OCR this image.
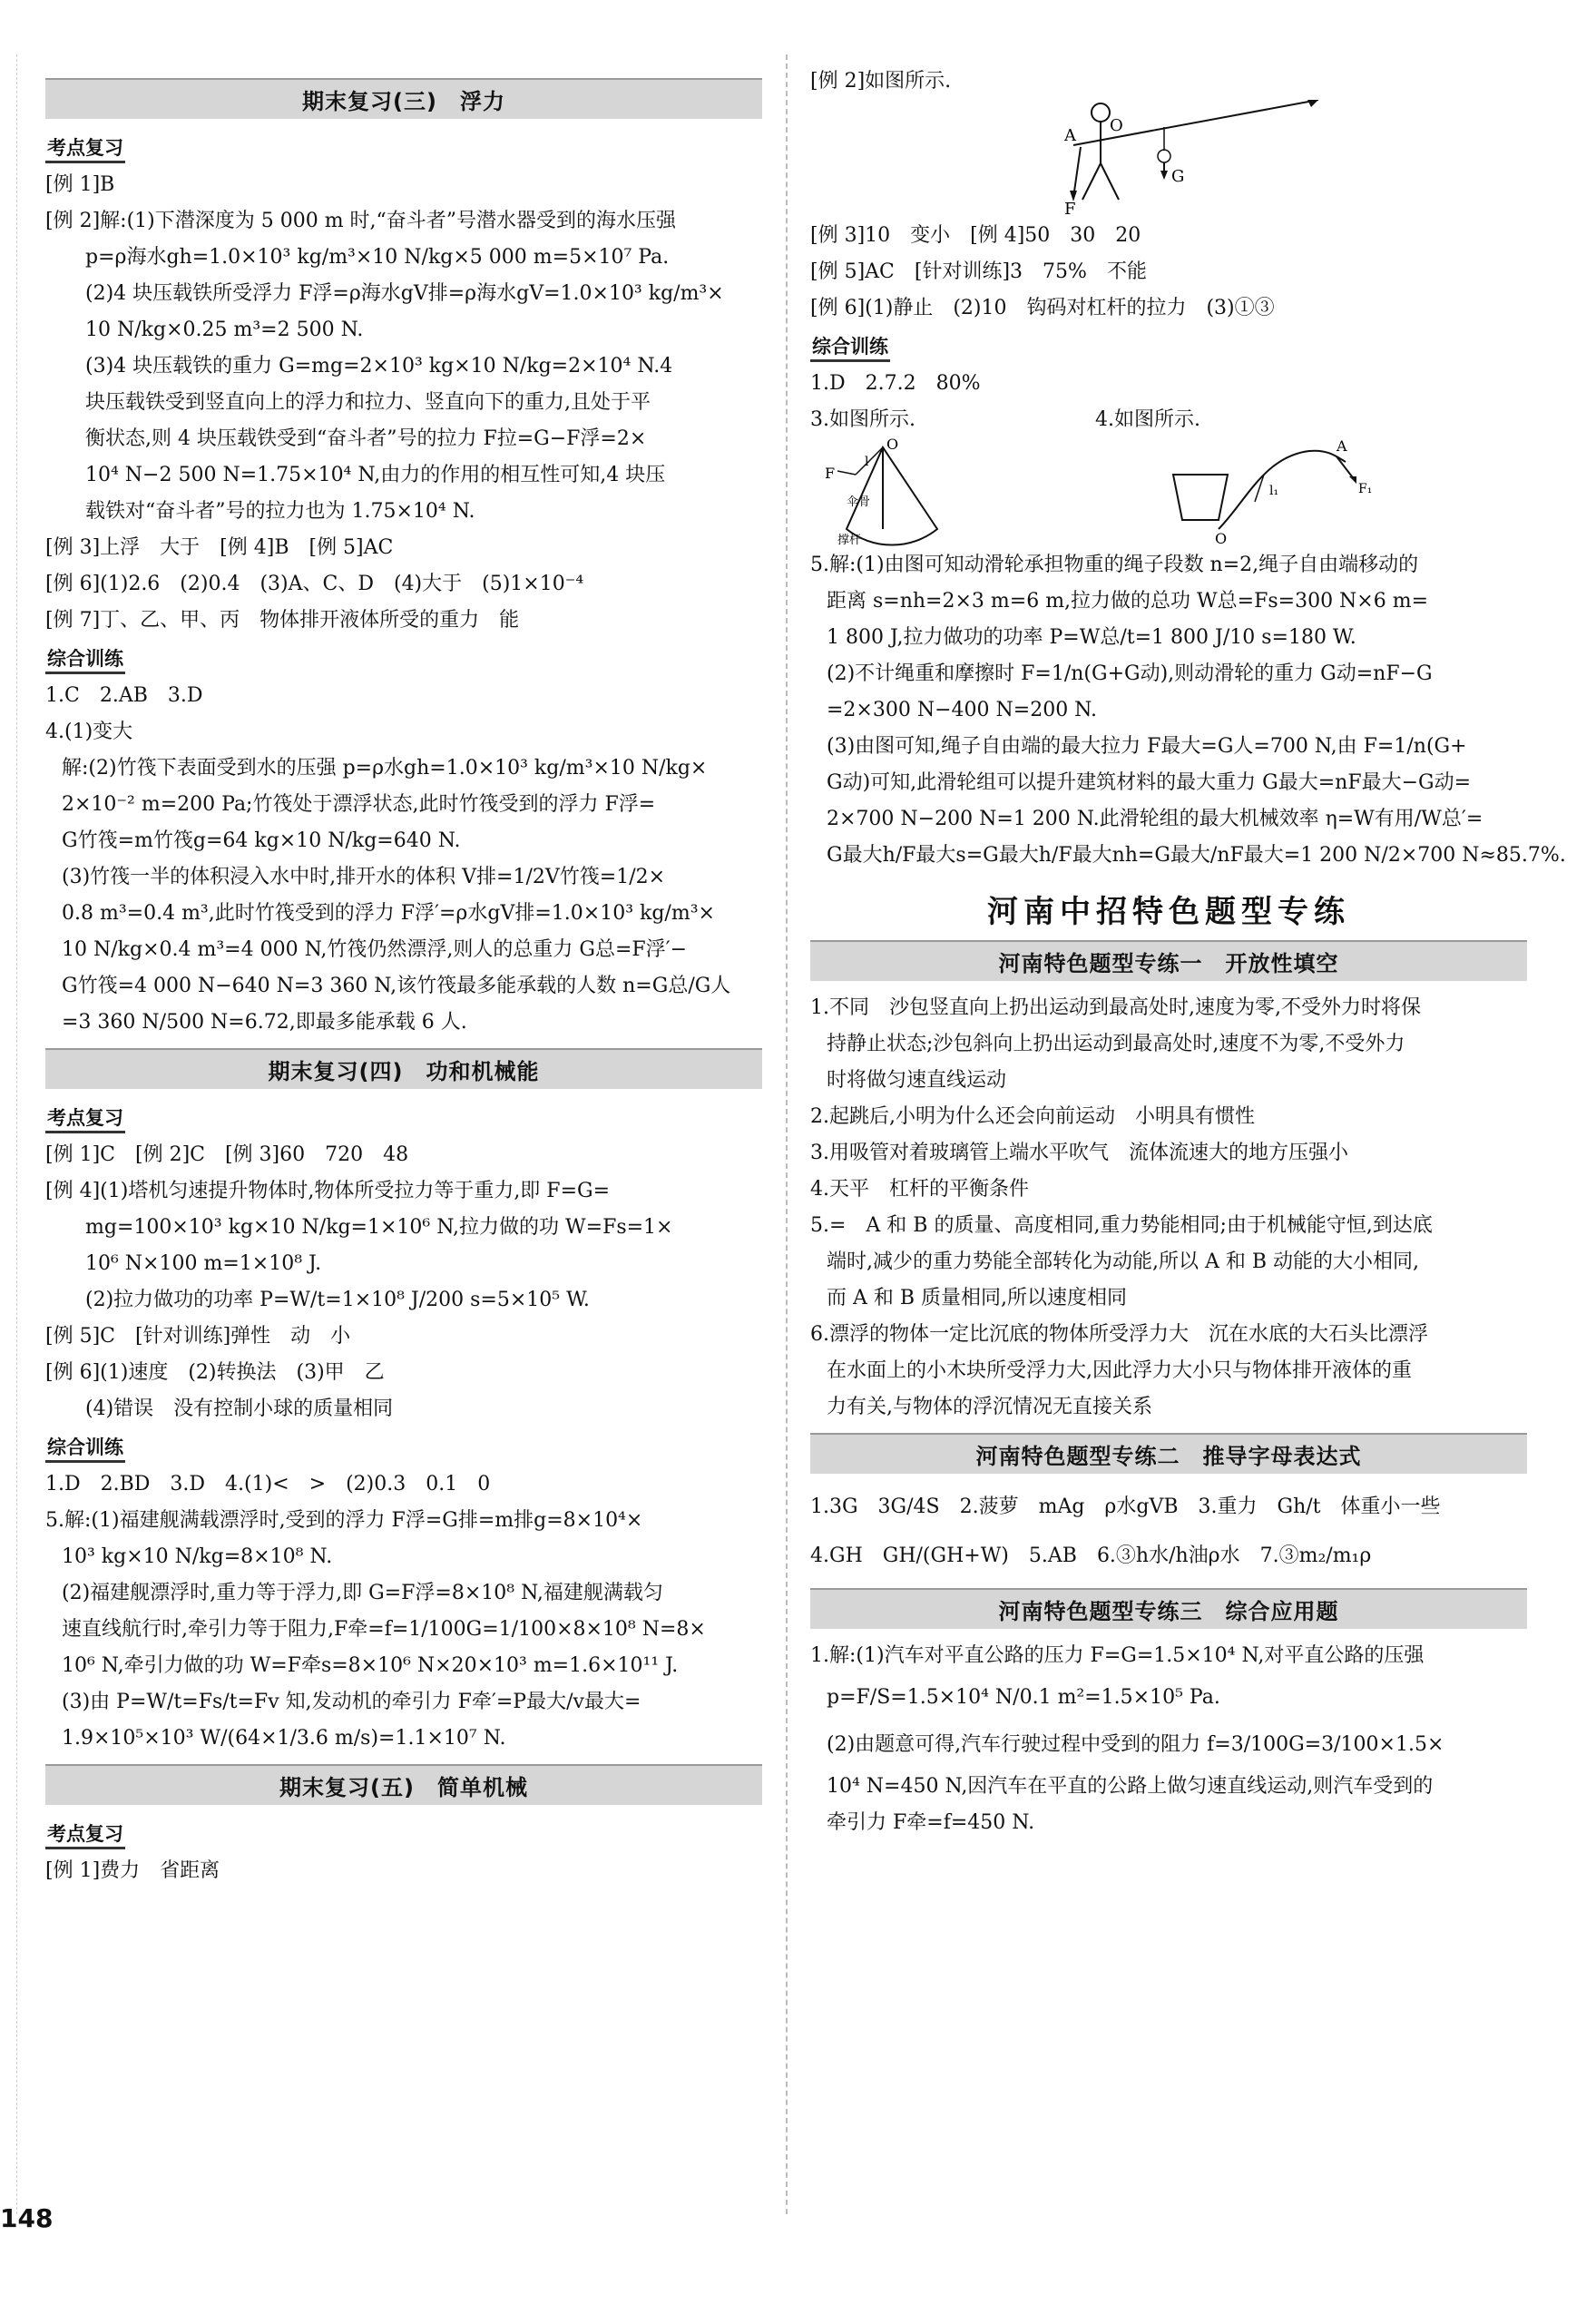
期末复习(三)　浮力
考点复习
[例 1]B
[例 2]解:(1)下潜深度为 5 000 m 时,“奋斗者”号潜水器受到的海水压强
p=ρ海水gh=1.0×10³ kg/m³×10 N/kg×5 000 m=5×10⁷ Pa.
(2)4 块压载铁所受浮力 F浮=ρ海水gV排=ρ海水gV=1.0×10³ kg/m³×
10 N/kg×0.25 m³=2 500 N.
(3)4 块压载铁的重力 G=mg=2×10³ kg×10 N/kg=2×10⁴ N.4
块压载铁受到竖直向上的浮力和拉力、竖直向下的重力,且处于平
衡状态,则 4 块压载铁受到“奋斗者”号的拉力 F拉=G−F浮=2×
10⁴ N−2 500 N=1.75×10⁴ N,由力的作用的相互性可知,4 块压
载铁对“奋斗者”号的拉力也为 1.75×10⁴ N.
[例 3]上浮　大于　[例 4]B　[例 5]AC
[例 6](1)2.6　(2)0.4　(3)A、C、D　(4)大于　(5)1×10⁻⁴
[例 7]丁、乙、甲、丙　物体排开液体所受的重力　能
综合训练
1.C　2.AB　3.D
4.(1)变大
解:(2)竹筏下表面受到水的压强 p=ρ水gh=1.0×10³ kg/m³×10 N/kg×
2×10⁻² m=200 Pa;竹筏处于漂浮状态,此时竹筏受到的浮力 F浮=
G竹筏=m竹筏g=64 kg×10 N/kg=640 N.
(3)竹筏一半的体积浸入水中时,排开水的体积 V排=1/2V竹筏=1/2×
0.8 m³=0.4 m³,此时竹筏受到的浮力 F浮′=ρ水gV排=1.0×10³ kg/m³×
10 N/kg×0.4 m³=4 000 N,竹筏仍然漂浮,则人的总重力 G总=F浮′−
G竹筏=4 000 N−640 N=3 360 N,该竹筏最多能承载的人数 n=G总/G人
=3 360 N/500 N=6.72,即最多能承载 6 人.
期末复习(四)　功和机械能
考点复习
[例 1]C　[例 2]C　[例 3]60　720　48
[例 4](1)塔机匀速提升物体时,物体所受拉力等于重力,即 F=G=
mg=100×10³ kg×10 N/kg=1×10⁶ N,拉力做的功 W=Fs=1×
10⁶ N×100 m=1×10⁸ J.
(2)拉力做功的功率 P=W/t=1×10⁸ J/200 s=5×10⁵ W.
[例 5]C　[针对训练]弹性　动　小
[例 6](1)速度　(2)转换法　(3)甲　乙
(4)错误　没有控制小球的质量相同
综合训练
1.D　2.BD　3.D　4.(1)<　>　(2)0.3　0.1　0
5.解:(1)福建舰满载漂浮时,受到的浮力 F浮=G排=m排g=8×10⁴×
10³ kg×10 N/kg=8×10⁸ N.
(2)福建舰漂浮时,重力等于浮力,即 G=F浮=8×10⁸ N,福建舰满载匀
速直线航行时,牵引力等于阻力,F牵=f=1/100G=1/100×8×10⁸ N=8×
10⁶ N,牵引力做的功 W=F牵s=8×10⁶ N×20×10³ m=1.6×10¹¹ J.
(3)由 P=W/t=Fs/t=Fv 知,发动机的牵引力 F牵′=P最大/v最大=
1.9×10⁵×10³ W/(64×1/3.6 m/s)=1.1×10⁷ N.
期末复习(五)　简单机械
考点复习
[例 1]费力　省距离
148
[例 2]如图所示.
A
O
F
G
[例 3]10　变小　[例 4]50　30　20
[例 5]AC　[针对训练]3　75%　不能
[例 6](1)静止　(2)10　钩码对杠杆的拉力　(3)①③
综合训练
1.D　2.7.2　80%
3.如图所示.　　　　　　　　　4.如图所示.
O
l
F
伞骨
撑杆
A
l₁	F₁
O
5.解:(1)由图可知动滑轮承担物重的绳子段数 n=2,绳子自由端移动的
距离 s=nh=2×3 m=6 m,拉力做的总功 W总=Fs=300 N×6 m=
1 800 J,拉力做功的功率 P=W总/t=1 800 J/10 s=180 W.
(2)不计绳重和摩擦时 F=1/n(G+G动),则动滑轮的重力 G动=nF−G
=2×300 N−400 N=200 N.
(3)由图可知,绳子自由端的最大拉力 F最大=G人=700 N,由 F=1/n(G+
G动)可知,此滑轮组可以提升建筑材料的最大重力 G最大=nF最大−G动=
2×700 N−200 N=1 200 N.此滑轮组的最大机械效率 η=W有用/W总′=
G最大h/F最大s=G最大h/F最大nh=G最大/nF最大=1 200 N/2×700 N≈85.7%.
河南中招特色题型专练
河南特色题型专练一　开放性填空
1.不同　沙包竖直向上扔出运动到最高处时,速度为零,不受外力时将保
持静止状态;沙包斜向上扔出运动到最高处时,速度不为零,不受外力
时将做匀速直线运动
2.起跳后,小明为什么还会向前运动　小明具有惯性
3.用吸管对着玻璃管上端水平吹气　流体流速大的地方压强小
4.天平　杠杆的平衡条件
5.=　A 和 B 的质量、高度相同,重力势能相同;由于机械能守恒,到达底
端时,减少的重力势能全部转化为动能,所以 A 和 B 动能的大小相同,
而 A 和 B 质量相同,所以速度相同
6.漂浮的物体一定比沉底的物体所受浮力大　沉在水底的大石头比漂浮
在水面上的小木块所受浮力大,因此浮力大小只与物体排开液体的重
力有关,与物体的浮沉情况无直接关系
河南特色题型专练二　推导字母表达式
1.3G　3G/4S　2.菠萝　mAg　ρ水gVB　3.重力　Gh/t　体重小一些
4.GH　GH/(GH+W)　5.AB　6.③h水/h油ρ水　7.③m₂/m₁ρ
河南特色题型专练三　综合应用题
1.解:(1)汽车对平直公路的压力 F=G=1.5×10⁴ N,对平直公路的压强
p=F/S=1.5×10⁴ N/0.1 m²=1.5×10⁵ Pa.
(2)由题意可得,汽车行驶过程中受到的阻力 f=3/100G=3/100×1.5×
10⁴ N=450 N,因汽车在平直的公路上做匀速直线运动,则汽车受到的
牵引力 F牵=f=450 N.
